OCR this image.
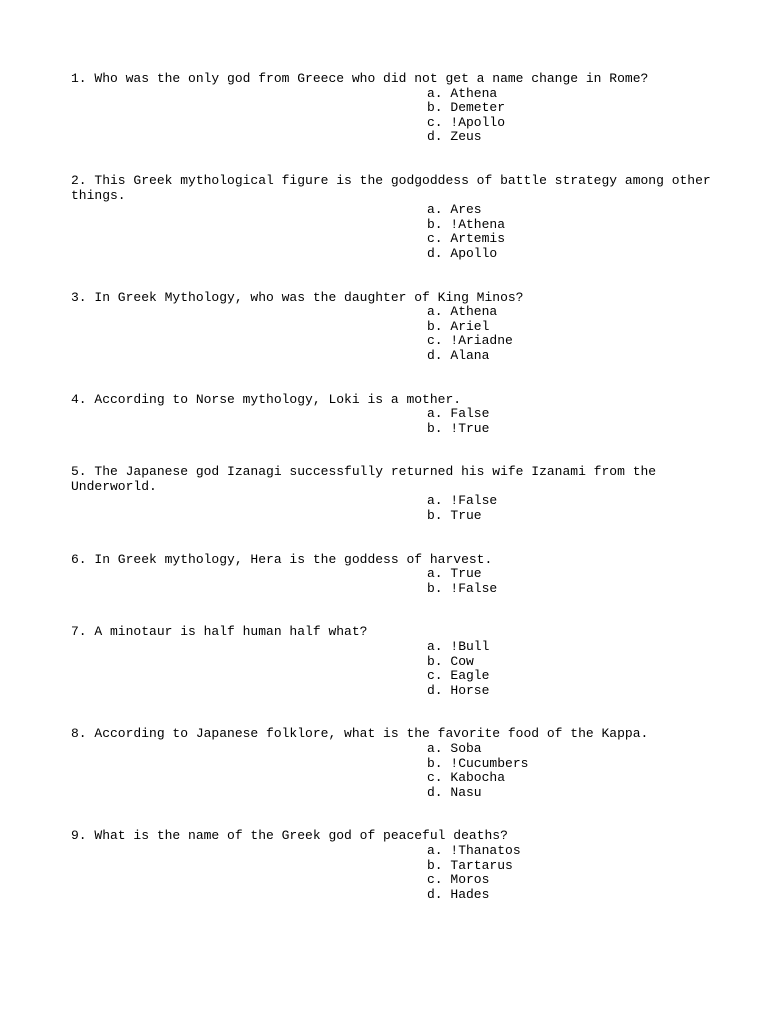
1. Who was the only god from Greece who did not get a name change in Rome?

a. Athena
b. Demeter
c. !Apollo
d. Zeus

2. This Greek mythological figure is the godgoddess of battle strategy among other things.

a. Ares
b. !Athena
c. Artemis
d. Apollo

3. In Greek Mythology, who was the daughter of King Minos?

a. Athena
b. Ariel
c. !Ariadne
d. Alana

4. According to Norse mythology, Loki is a mother.

a. False
b. !True

5. The Japanese god Izanagi successfully returned his wife Izanami from the Underworld.

a. !False
b. True

6. In Greek mythology, Hera is the goddess of harvest.

a. True
b. !False

7. A minotaur is half human half what?

a. !Bull
b. Cow
c. Eagle
d. Horse

8. According to Japanese folklore, what is the favorite food of the Kappa.

a. Soba
b. !Cucumbers
c. Kabocha
d. Nasu

9. What is the name of the Greek god of peaceful deaths?

a. !Thanatos
b. Tartarus
c. Moros
d. Hades
